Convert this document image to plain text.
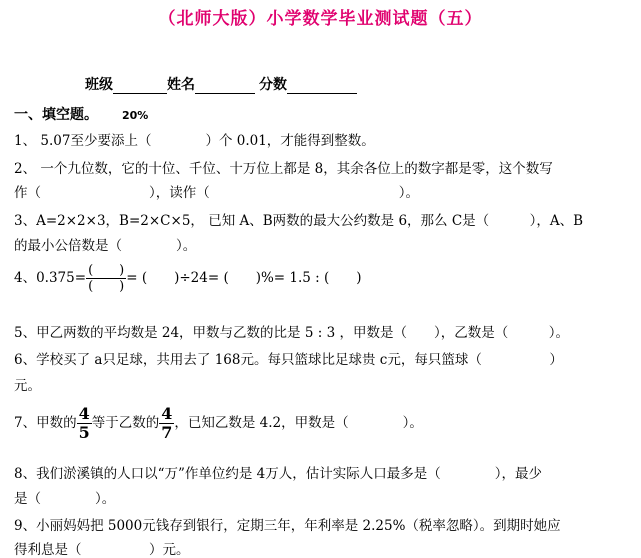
（北师大版）小学数学毕业测试题（五）
班级	姓名	分数
一、填空题。 20%
1、 5.07至少要添上（　　　　）个 0.01，才能得到整数。
2、 一个九位数，它的十位、千位、十万位上都是 8，其余各位上的数字都是零，这个数写
作（　　　　　　　　），读作（　　　　　　　　　　　　　　）。
3、A=2×2×3，B=2×C×5， 已知 A、B两数的最大公约数是 6，那么 C是（　　　），A、B
的最小公倍数是（　　　　）。
4、$0.375= \frac{( )}{( )}$ = (　　)÷24= (　　)%= 1.5 : (　　)
5、甲乙两数的平均数是 24，甲数与乙数的比是 5 : 3 ，甲数是（　　），乙数是（　　　）。
6、学校买了 a只足球，共用去了 168元。每只篮球比足球贵 c元，每只篮球（　　　　　）
元。
7、甲数的 $\frac{4}{5}$ 等于乙数的 $\frac{4}{7}$ ，已知乙数是 4.2，甲数是（　　　　）。
8、我们淤溪镇的人口以“万”作单位约是 4万人，估计实际人口最多是（　　　　），最少
是（　　　　）。
9、小丽妈妈把 5000元钱存到银行，定期三年，年利率是 2.25%（税率忽略）。到期时她应
得利息是（　　　　　）元。
